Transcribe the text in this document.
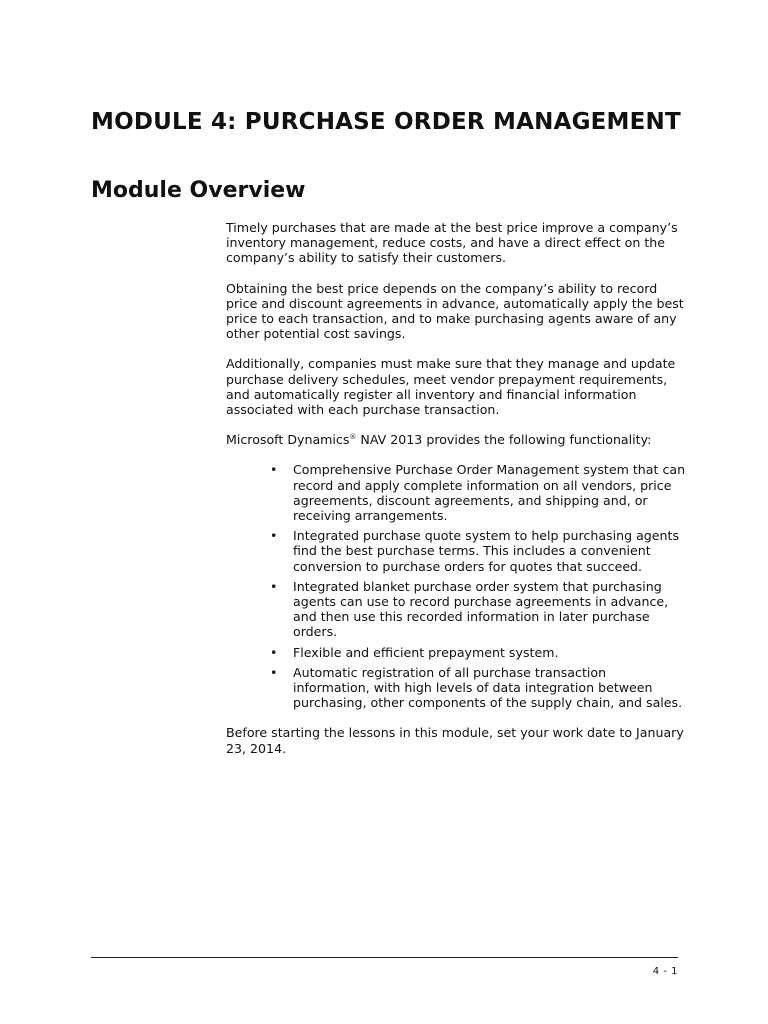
MODULE 4: PURCHASE ORDER MANAGEMENT
Module Overview

Timely purchases that are made at the best price improve a company’s inventory management, reduce costs, and have a direct effect on the company’s ability to satisfy their customers.

Obtaining the best price depends on the company’s ability to record price and discount agreements in advance, automatically apply the best price to each transaction, and to make purchasing agents aware of any other potential cost savings.

Additionally, companies must make sure that they manage and update purchase delivery schedules, meet vendor prepayment requirements, and automatically register all inventory and financial information associated with each purchase transaction.

Microsoft Dynamics® NAV 2013 provides the following functionality:

• Comprehensive Purchase Order Management system that can record and apply complete information on all vendors, price agreements, discount agreements, and shipping and, or receiving arrangements.
• Integrated purchase quote system to help purchasing agents find the best purchase terms. This includes a convenient conversion to purchase orders for quotes that succeed.
• Integrated blanket purchase order system that purchasing agents can use to record purchase agreements in advance, and then use this recorded information in later purchase orders.
• Flexible and efficient prepayment system.
• Automatic registration of all purchase transaction information, with high levels of data integration between purchasing, other components of the supply chain, and sales.

Before starting the lessons in this module, set your work date to January 23, 2014.

4 - 1
